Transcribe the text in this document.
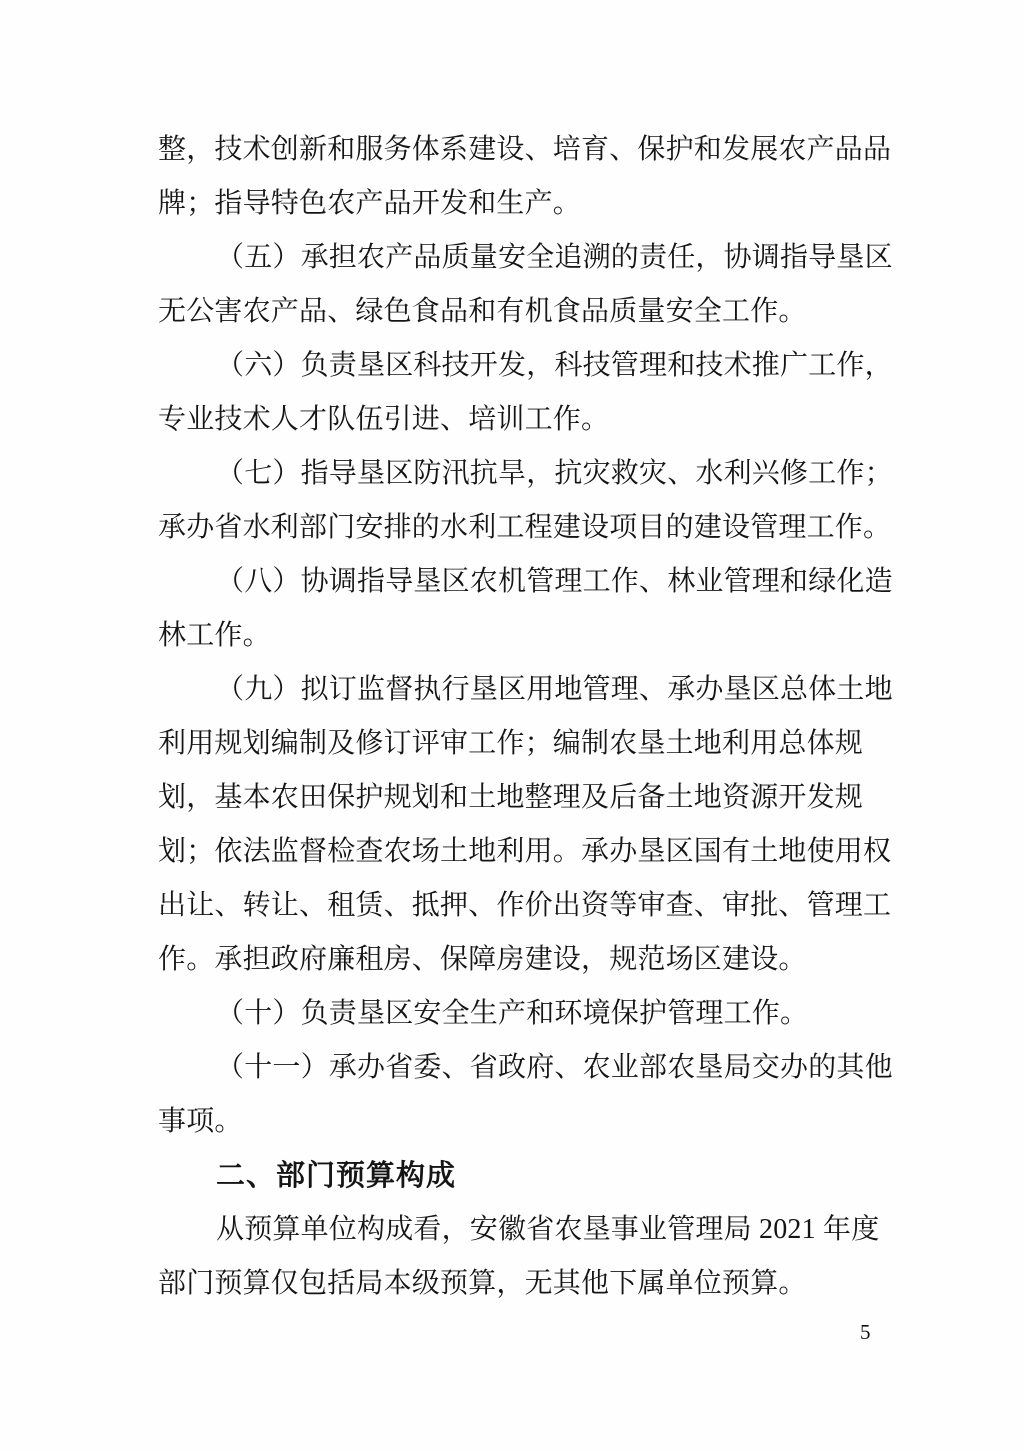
整，技术创新和服务体系建设、培育、保护和发展农产品品
牌；指导特色农产品开发和生产。
（五）承担农产品质量安全追溯的责任，协调指导垦区
无公害农产品、绿色食品和有机食品质量安全工作。
（六）负责垦区科技开发，科技管理和技术推广工作，
专业技术人才队伍引进、培训工作。
（七）指导垦区防汛抗旱，抗灾救灾、水利兴修工作；
承办省水利部门安排的水利工程建设项目的建设管理工作。
（八）协调指导垦区农机管理工作、林业管理和绿化造
林工作。
（九）拟订监督执行垦区用地管理、承办垦区总体土地
利用规划编制及修订评审工作；编制农垦土地利用总体规
划，基本农田保护规划和土地整理及后备土地资源开发规
划；依法监督检查农场土地利用。承办垦区国有土地使用权
出让、转让、租赁、抵押、作价出资等审查、审批、管理工
作。承担政府廉租房、保障房建设，规范场区建设。
（十）负责垦区安全生产和环境保护管理工作。
（十一）承办省委、省政府、农业部农垦局交办的其他
事项。
二、部门预算构成
从预算单位构成看，安徽省农垦事业管理局 2021 年度
部门预算仅包括局本级预算，无其他下属单位预算。
5
